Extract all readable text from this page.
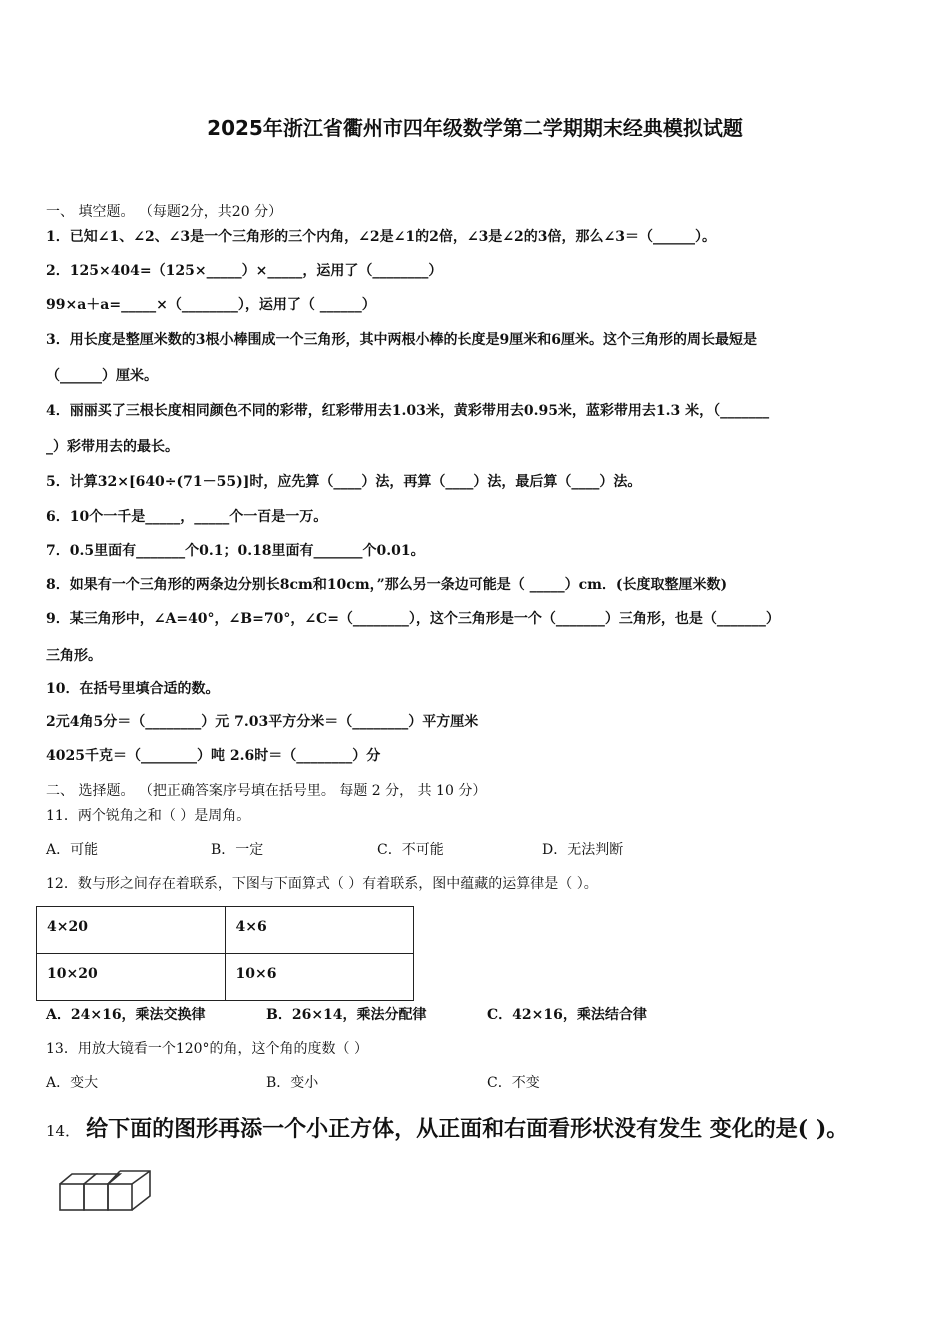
2025年浙江省衢州市四年级数学第二学期期末经典模拟试题
一、 填空题。 （每题2分，共20 分）
1．已知∠1、∠2、∠3是一个三角形的三个内角，∠2是∠1的2倍，∠3是∠2的3倍，那么∠3＝（______）。
2．125×404=（125×_____）×_____，运用了（________）
99×a＋a=_____×（________），运用了（ ______）
3．用长度是整厘米数的3根小棒围成一个三角形，其中两根小棒的长度是9厘米和6厘米。这个三角形的周长最短是
（______）厘米。
4．丽丽买了三根长度相同颜色不同的彩带，红彩带用去1.03米，黄彩带用去0.95米，蓝彩带用去1.3 米，（_______
_）彩带用去的最长。
5．计算32×[640÷(71－55)]时，应先算（____）法，再算（____）法，最后算（____）法。
6．10个一千是_____，_____个一百是一万。
7．0.5里面有_______个0.1；0.18里面有_______个0.01。
8．如果有一个三角形的两条边分别长8cm和10cm，”那么另一条边可能是（ _____）cm．(长度取整厘米数)
9．某三角形中，∠A=40°，∠B=70°，∠C=（________），这个三角形是一个（_______）三角形，也是（_______）
三角形。
10．在括号里填合适的数。
2元4角5分＝（________）元 7.03平方分米＝（________）平方厘米
4025千克＝（________）吨 2.6时＝（________）分
二、 选择题。 （把正确答案序号填在括号里。 每题 2 分， 共 10 分）
11．两个锐角之和（ ）是周角。
A．可能	B．一定	C．不可能	D．无法判断
12．数与形之间存在着联系，下图与下面算式（ ）有着联系，图中蕴藏的运算律是（ ）。
4×20	4×6
10×20	10×6
A．24×16，乘法交换律	B．26×14，乘法分配律	C．42×16，乘法结合律
13．用放大镜看一个120°的角，这个角的度数（ ）
A．变大	B．变小	C．不变
14． 给下面的图形再添一个小正方体，从正面和右面看形状没有发生 变化的是( )。
